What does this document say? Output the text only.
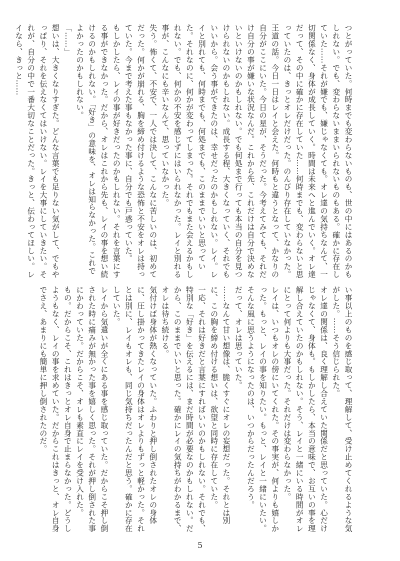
つとがっていた。何時までも変わらないものも、世の中にはあるのかもしれない。でも、変わらないままいられないものもある。確かに存在していた……それが嫌でも、嫌じゃなくても。オレ達の気持ちなんて、一切関係なく、身体が成長していく。時間は未来へと進んでいく。オレ達だって、その中に確かに存在していた……何時までも、変わらないと思っていたのは、きっとオレだけだった。のんびり存在していなかった。
王道の話。今日一日はレイと会えた。何時もと違うとなって、かなりの自分がここにいた。今日の星が、そうだった。今考えてみても、それだけ自分の事が嫌いな状況なんだ。これから先、これだけは自分で決めないといけないのかもしれない。でも何処まで行っても本当の自分を見つけられないのかもしれない。成長する程、大きくなっていく、それでもいいから。会う事ができたのは、幸せだったのかもしれない。レイ。レイと別れても、何時までも、何処までも、このままでいいと思っていた。それなのに、何かが変わってしまった。それでもまた会えるかもしれない。でも、何かの不安を感じずにはいられなかった。レイと別れる事が、こんなにも辛いなんて、思っていなかった。
失う。怖くて、不安で、一人では決して、こんなに苦しいのは、初めてだった。何かが崩れる、胸を締め付けるような恐怖と不安をオレは持っていた。今まで考えた事もなかった事に、自分でも戸惑っていた。
もしかしたら、レイの事が好きだったのかもしれない。それを言葉にする事ができなかった。だから、オレはこれから先も、レイの事を想い続けるのかもしれない。「好き」の意味を、オレは知らなかった。これでよかったのかもしれない。
「……」
想いは、大きくなりすぎた。どんな言葉でも足りない気がして、でもやっぱり、それを伝えなくてはいけない。レイを大事にしていきたい。それが、自分の中で一番大切なことだった。きっと、伝わってほしい。レイなら、きっと……
い事以上のものを感じ取って、理解して、受け止めてくれるような気がした。……そう信じられた。
オレ達の関係は、良く理解し合えていた関係だと思っていた。心だけじゃなくて、身体も。もしかしたら、本当の意味で、お互いの事を理解し合えていたのかもしれない。そう、レイと一緒にいる時間がオレにとって何よりも大事だった。それだけは変わらなかった。
レイは、いつもオレの傍にいてくれた。その事実が、何よりも嬉しかった。もっと、レイの事を知りたい。もっと、レイと一緒にいたい。そんな風に思うようになったのは、いつからだったんだろう。
だって、オレは思っていた。
……なんて甘い想像は、脆くすぐにオレの妄想だった。それとは別に、この胸を締め付ける想いは、欲望と同時に存在していた。
一応、それは好きだと言葉にすればいいのかもしれない。それでも、特別な「好き」を伝えるには、まだ時間が必要なのかもしれない。だから、このままでいいと思った。確かにレイの気持ちがわかるまで、オレは待ち続ける。
気付けば身体が熱くなっていた。ふわりと押し倒されたオレの身体に、圧し掛かってきたレイの身体はオレよりもずっと軽かった。それとは別に、レイもオレも、同じ気持ちだったんだと思う。確かに存在していた。
レイから気遣いが全くにある事を感じ取っていた。だからこそ押し倒された時に痛みが無かった事を嬉しく思った。それが押し倒された事にかわっていた。だからこそ、オレも素直にレイを受け入れた。
もの。だからこそ、これはきっとオレ自身で止まらなかった。どうしようもなく、レイの事を求めていた。だからこれはきっと、オレ自身でさえ、あまりにも簡単に押し倒されたのだ。
5
